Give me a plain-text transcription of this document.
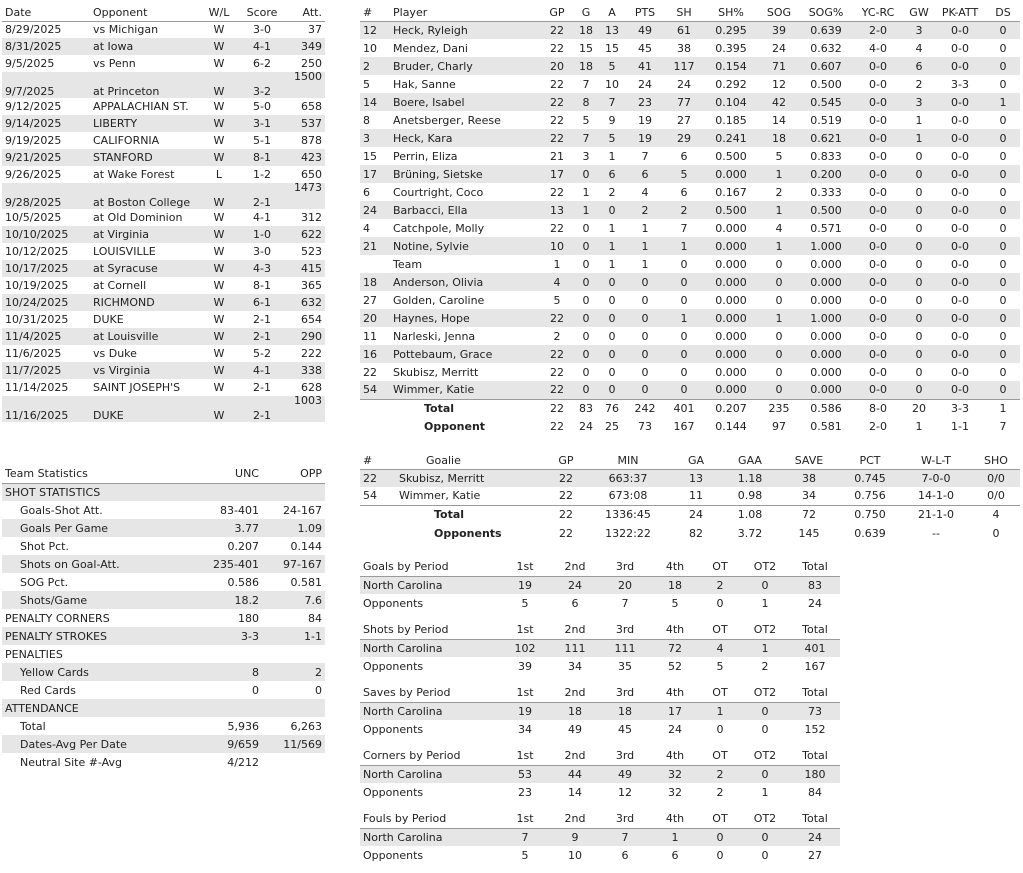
Date	Opponent	W/L	Score	Att.
8/29/2025	vs Michigan	W	3-0	37
8/31/2025	at Iowa	W	4-1	349
9/5/2025	vs Penn	W	6-2	250
9/7/2025	at Princeton	W	3-2	1500
9/12/2025	APPALACHIAN ST.	W	5-0	658
9/14/2025	LIBERTY	W	3-1	537
9/19/2025	CALIFORNIA	W	5-1	878
9/21/2025	STANFORD	W	8-1	423
9/26/2025	at Wake Forest	L	1-2	650
9/28/2025	at Boston College	W	2-1	1473
10/5/2025	at Old Dominion	W	4-1	312
10/10/2025	at Virginia	W	1-0	622
10/12/2025	LOUISVILLE	W	3-0	523
10/17/2025	at Syracuse	W	4-3	415
10/19/2025	at Cornell	W	8-1	365
10/24/2025	RICHMOND	W	6-1	632
10/31/2025	DUKE	W	2-1	654
11/4/2025	at Louisville	W	2-1	290
11/6/2025	vs Duke	W	5-2	222
11/7/2025	vs Virginia	W	4-1	338
11/14/2025	SAINT JOSEPH'S	W	2-1	628
11/16/2025	DUKE	W	2-1	1003
Team Statistics	UNC	OPP
SHOT STATISTICS		
Goals-Shot Att.	83-401	24-167
Goals Per Game	3.77	1.09
Shot Pct.	0.207	0.144
Shots on Goal-Att.	235-401	97-167
SOG Pct.	0.586	0.581
Shots/Game	18.2	7.6
PENALTY CORNERS	180	84
PENALTY STROKES	3-3	1-1
PENALTIES		
Yellow Cards	8	2
Red Cards	0	0
ATTENDANCE		
Total	5,936	6,263
Dates-Avg Per Date	9/659	11/569
Neutral Site #-Avg	4/212	
#	Player	GP	G	A	PTS	SH	SH%	SOG	SOG%	YC-RC	GW	PK-ATT	DS
12	Heck, Ryleigh	22	18	13	49	61	0.295	39	0.639	2-0	3	0-0	0
10	Mendez, Dani	22	15	15	45	38	0.395	24	0.632	4-0	4	0-0	0
2	Bruder, Charly	20	18	5	41	117	0.154	71	0.607	0-0	6	0-0	0
5	Hak, Sanne	22	7	10	24	24	0.292	12	0.500	0-0	2	3-3	0
14	Boere, Isabel	22	8	7	23	77	0.104	42	0.545	0-0	3	0-0	1
8	Anetsberger, Reese	22	5	9	19	27	0.185	14	0.519	0-0	1	0-0	0
3	Heck, Kara	22	7	5	19	29	0.241	18	0.621	0-0	1	0-0	0
15	Perrin, Eliza	21	3	1	7	6	0.500	5	0.833	0-0	0	0-0	0
17	Brüning, Sietske	17	0	6	6	5	0.000	1	0.200	0-0	0	0-0	0
6	Courtright, Coco	22	1	2	4	6	0.167	2	0.333	0-0	0	0-0	0
24	Barbacci, Ella	13	1	0	2	2	0.500	1	0.500	0-0	0	0-0	0
4	Catchpole, Molly	22	0	1	1	7	0.000	4	0.571	0-0	0	0-0	0
21	Notine, Sylvie	10	0	1	1	1	0.000	1	1.000	0-0	0	0-0	0
	Team	1	0	1	1	0	0.000	0	0.000	0-0	0	0-0	0
18	Anderson, Olivia	4	0	0	0	0	0.000	0	0.000	0-0	0	0-0	0
27	Golden, Caroline	5	0	0	0	0	0.000	0	0.000	0-0	0	0-0	0
20	Haynes, Hope	22	0	0	0	1	0.000	1	1.000	0-0	0	0-0	0
11	Narleski, Jenna	2	0	0	0	0	0.000	0	0.000	0-0	0	0-0	0
16	Pottebaum, Grace	22	0	0	0	0	0.000	0	0.000	0-0	0	0-0	0
22	Skubisz, Merritt	22	0	0	0	0	0.000	0	0.000	0-0	0	0-0	0
54	Wimmer, Katie	22	0	0	0	0	0.000	0	0.000	0-0	0	0-0	0
	Total	22	83	76	242	401	0.207	235	0.586	8-0	20	3-3	1
	Opponent	22	24	25	73	167	0.144	97	0.581	2-0	1	1-1	7
#	Goalie	GP	MIN	GA	GAA	SAVE	PCT	W-L-T	SHO
22	Skubisz, Merritt	22	663:37	13	1.18	38	0.745	7-0-0	0/0
54	Wimmer, Katie	22	673:08	11	0.98	34	0.756	14-1-0	0/0
	Total	22	1336:45	24	1.08	72	0.750	21-1-0	4
	Opponents	22	1322:22	82	3.72	145	0.639	--	0
Goals by Period	1st	2nd	3rd	4th	OT	OT2	Total
North Carolina	19	24	20	18	2	0	83
Opponents	5	6	7	5	0	1	24
Shots by Period	1st	2nd	3rd	4th	OT	OT2	Total
North Carolina	102	111	111	72	4	1	401
Opponents	39	34	35	52	5	2	167
Saves by Period	1st	2nd	3rd	4th	OT	OT2	Total
North Carolina	19	18	18	17	1	0	73
Opponents	34	49	45	24	0	0	152
Corners by Period	1st	2nd	3rd	4th	OT	OT2	Total
North Carolina	53	44	49	32	2	0	180
Opponents	23	14	12	32	2	1	84
Fouls by Period	1st	2nd	3rd	4th	OT	OT2	Total
North Carolina	7	9	7	1	0	0	24
Opponents	5	10	6	6	0	0	27
